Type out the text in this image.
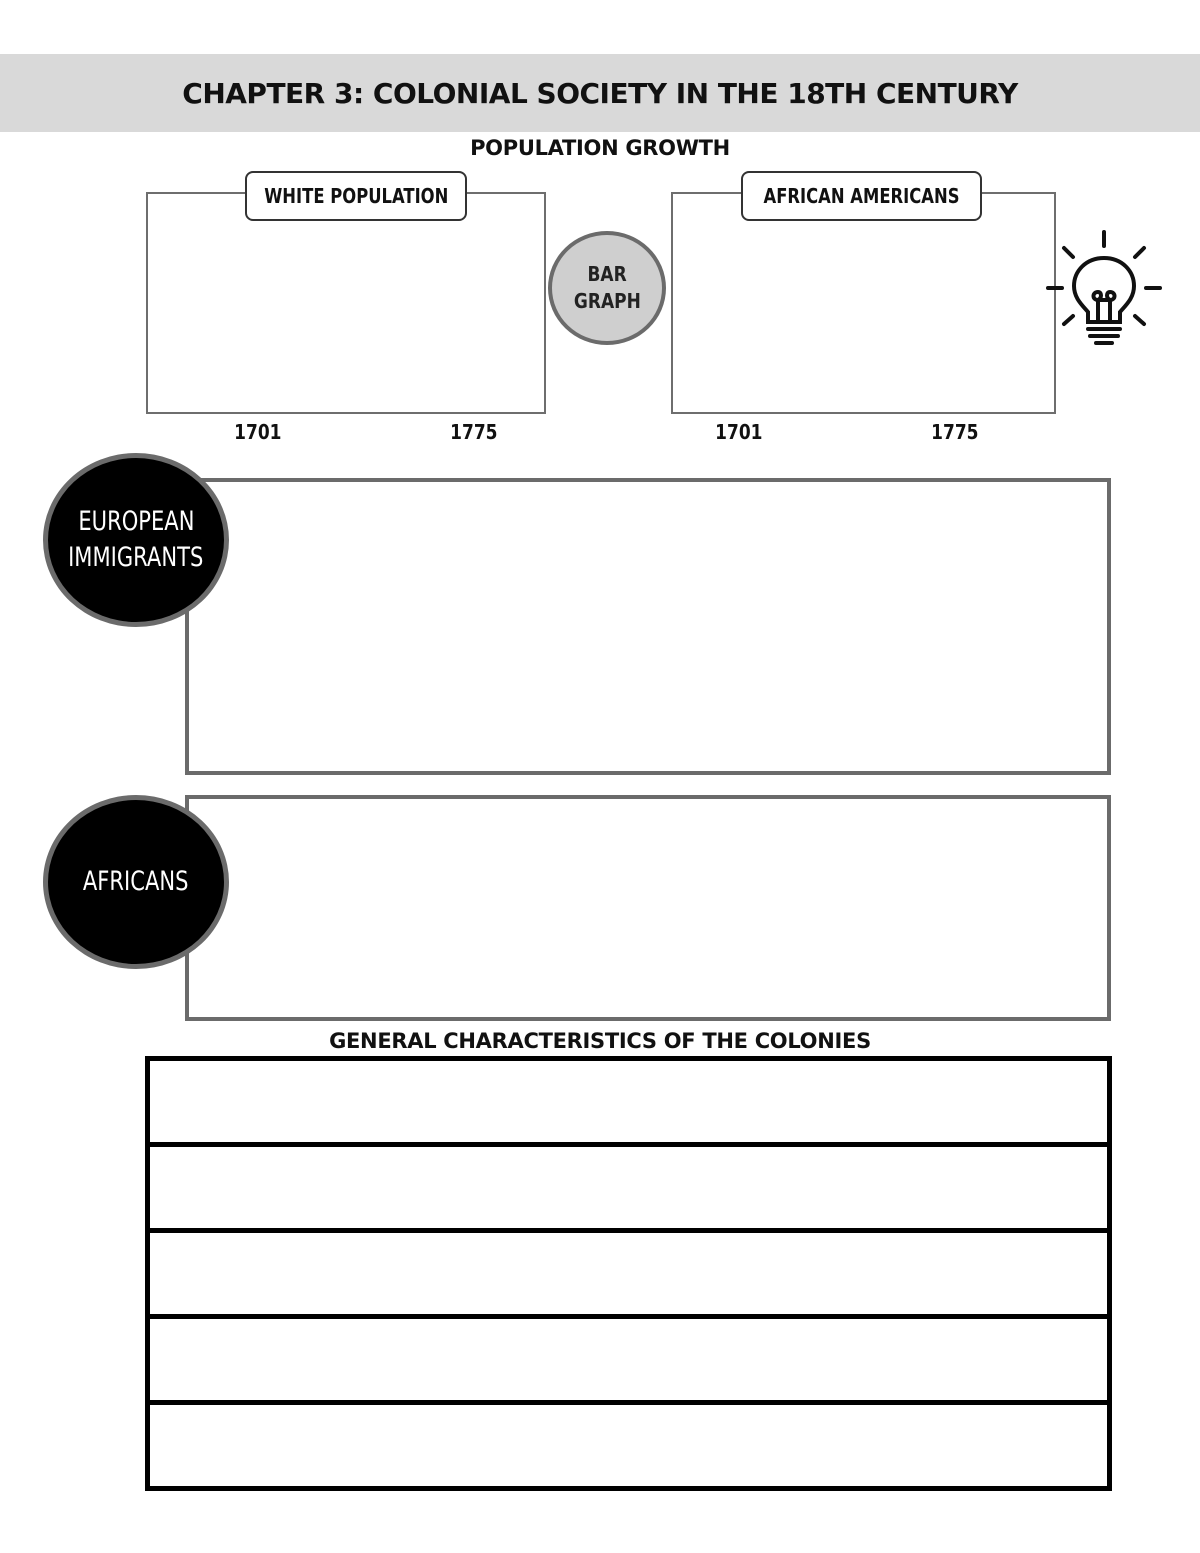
CHAPTER 3: COLONIAL SOCIETY IN THE 18TH CENTURY
POPULATION GROWTH
WHITE POPULATION
1701	1775
BAR
GRAPH
AFRICAN AMERICANS
1701	1775
EUROPEAN
IMMIGRANTS
AFRICANS
GENERAL CHARACTERISTICS OF THE COLONIES
